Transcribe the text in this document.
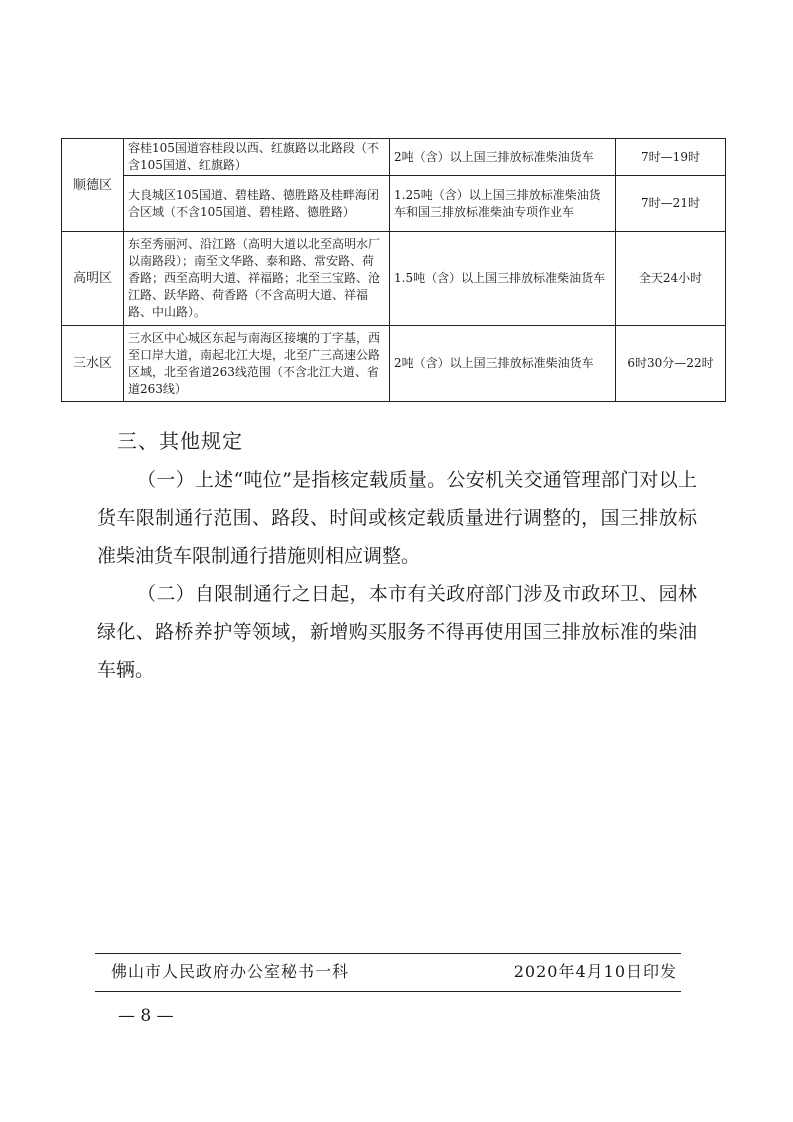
顺德区	容桂105国道容桂段以西、红旗路以北路段（不含105国道、红旗路）	2吨（含）以上国三排放标准柴油货车	7时—19时
	大良城区105国道、碧桂路、德胜路及桂畔海闭合区域（不含105国道、碧桂路、德胜路）	1.25吨（含）以上国三排放标准柴油货车和国三排放标准柴油专项作业车	7时—21时
高明区	东至秀丽河、沿江路（高明大道以北至高明水厂以南路段）；南至文华路、泰和路、常安路、荷香路；西至高明大道、祥福路；北至三宝路、沧江路、跃华路、荷香路（不含高明大道、祥福路、中山路）。	1.5吨（含）以上国三排放标准柴油货车	全天24小时
三水区	三水区中心城区东起与南海区接壤的丁字基，西至口岸大道，南起北江大堤，北至广三高速公路区域，北至省道263线范围（不含北江大道、省道263线）	2吨（含）以上国三排放标准柴油货车	6时30分—22时
三、其他规定

（一）上述“吨位”是指核定载质量。公安机关交通管理部门对以上货车限制通行范围、路段、时间或核定载质量进行调整的，国三排放标准柴油货车限制通行措施则相应调整。

（二）自限制通行之日起，本市有关政府部门涉及市政环卫、园林绿化、路桥养护等领域，新增购买服务不得再使用国三排放标准的柴油车辆。

佛山市人民政府办公室秘书一科	2020年4月10日印发
— 8 —
